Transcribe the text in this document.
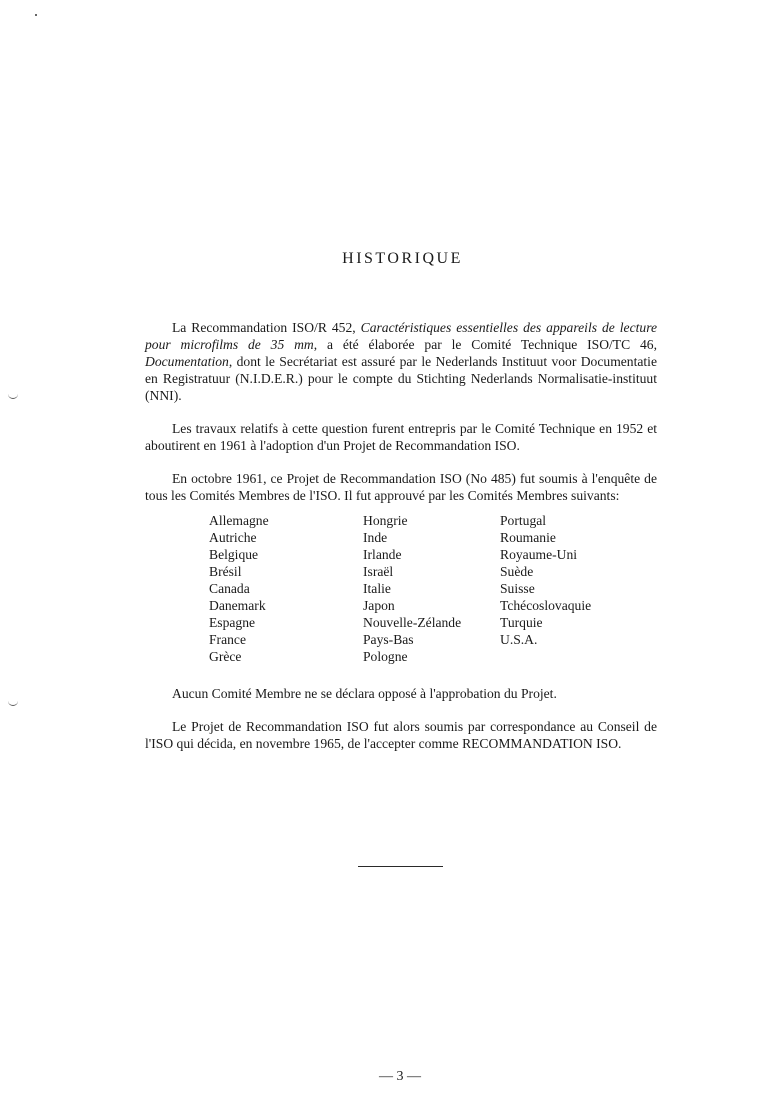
HISTORIQUE

La Recommandation ISO/R 452, Caractéristiques essentielles des appareils de lecture pour microfilms de 35 mm, a été élaborée par le Comité Technique ISO/TC 46, Documentation, dont le Secrétariat est assuré par le Nederlands Instituut voor Documentatie en Registratuur (N.I.D.E.R.) pour le compte du Stichting Nederlands Normalisatie-instituut (NNI).

Les travaux relatifs à cette question furent entrepris par le Comité Technique en 1952 et aboutirent en 1961 à l'adoption d'un Projet de Recommandation ISO.

En octobre 1961, ce Projet de Recommandation ISO (No 485) fut soumis à l'enquête de tous les Comités Membres de l'ISO. Il fut approuvé par les Comités Membres suivants:

Allemagne
Autriche
Belgique
Brésil
Canada
Danemark
Espagne
France
Grèce
Hongrie
Inde
Irlande
Israël
Italie
Japon
Nouvelle-Zélande
Pays-Bas
Pologne
Portugal
Roumanie
Royaume-Uni
Suède
Suisse
Tchécoslovaquie
Turquie
U.S.A.

Aucun Comité Membre ne se déclara opposé à l'approbation du Projet.

Le Projet de Recommandation ISO fut alors soumis par correspondance au Conseil de l'ISO qui décida, en novembre 1965, de l'accepter comme RECOMMANDATION ISO.

— 3 —
